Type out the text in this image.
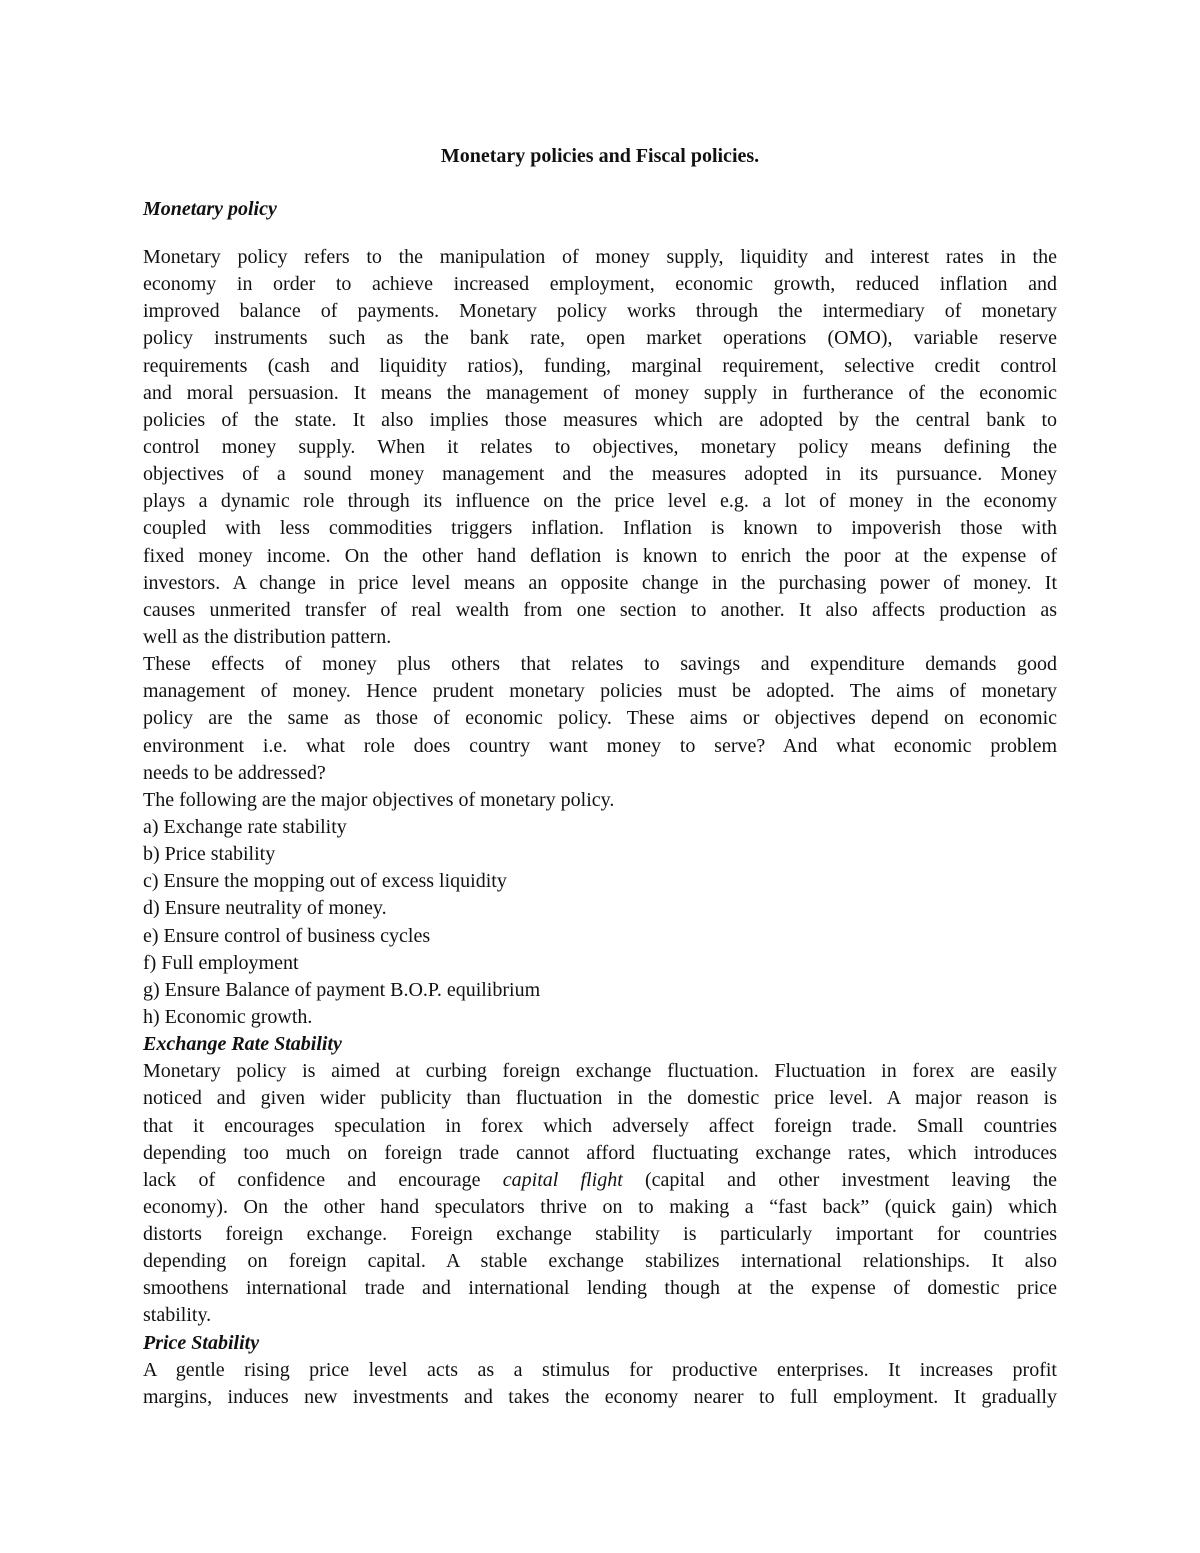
Monetary policies and Fiscal policies.
Monetary policy
Monetary policy refers to the manipulation of money supply, liquidity and interest rates in the
economy in order to achieve increased employment, economic growth, reduced inflation and
improved balance of payments. Monetary policy works through the intermediary of monetary
policy instruments such as the bank rate, open market operations (OMO), variable reserve
requirements (cash and liquidity ratios), funding, marginal requirement, selective credit control
and moral persuasion. It means the management of money supply in furtherance of the economic
policies of the state. It also implies those measures which are adopted by the central bank to
control money supply. When it relates to objectives, monetary policy means defining the
objectives of a sound money management and the measures adopted in its pursuance. Money
plays a dynamic role through its influence on the price level e.g. a lot of money in the economy
coupled with less commodities triggers inflation. Inflation is known to impoverish those with
fixed money income. On the other hand deflation is known to enrich the poor at the expense of
investors. A change in price level means an opposite change in the purchasing power of money. It
causes unmerited transfer of real wealth from one section to another. It also affects production as
well as the distribution pattern.
These effects of money plus others that relates to savings and expenditure demands good
management of money. Hence prudent monetary policies must be adopted. The aims of monetary
policy are the same as those of economic policy. These aims or objectives depend on economic
environment i.e. what role does country want money to serve? And what economic problem
needs to be addressed?
The following are the major objectives of monetary policy.
a) Exchange rate stability
b) Price stability
c) Ensure the mopping out of excess liquidity
d) Ensure neutrality of money.
e) Ensure control of business cycles
f) Full employment
g) Ensure Balance of payment B.O.P. equilibrium
h) Economic growth.
Exchange Rate Stability
Monetary policy is aimed at curbing foreign exchange fluctuation. Fluctuation in forex are easily
noticed and given wider publicity than fluctuation in the domestic price level. A major reason is
that it encourages speculation in forex which adversely affect foreign trade. Small countries
depending too much on foreign trade cannot afford fluctuating exchange rates, which introduces
lack of confidence and encourage capital flight (capital and other investment leaving the
economy). On the other hand speculators thrive on to making a “fast back” (quick gain) which
distorts foreign exchange. Foreign exchange stability is particularly important for countries
depending on foreign capital. A stable exchange stabilizes international relationships. It also
smoothens international trade and international lending though at the expense of domestic price
stability.
Price Stability
A gentle rising price level acts as a stimulus for productive enterprises. It increases profit
margins, induces new investments and takes the economy nearer to full employment. It gradually
